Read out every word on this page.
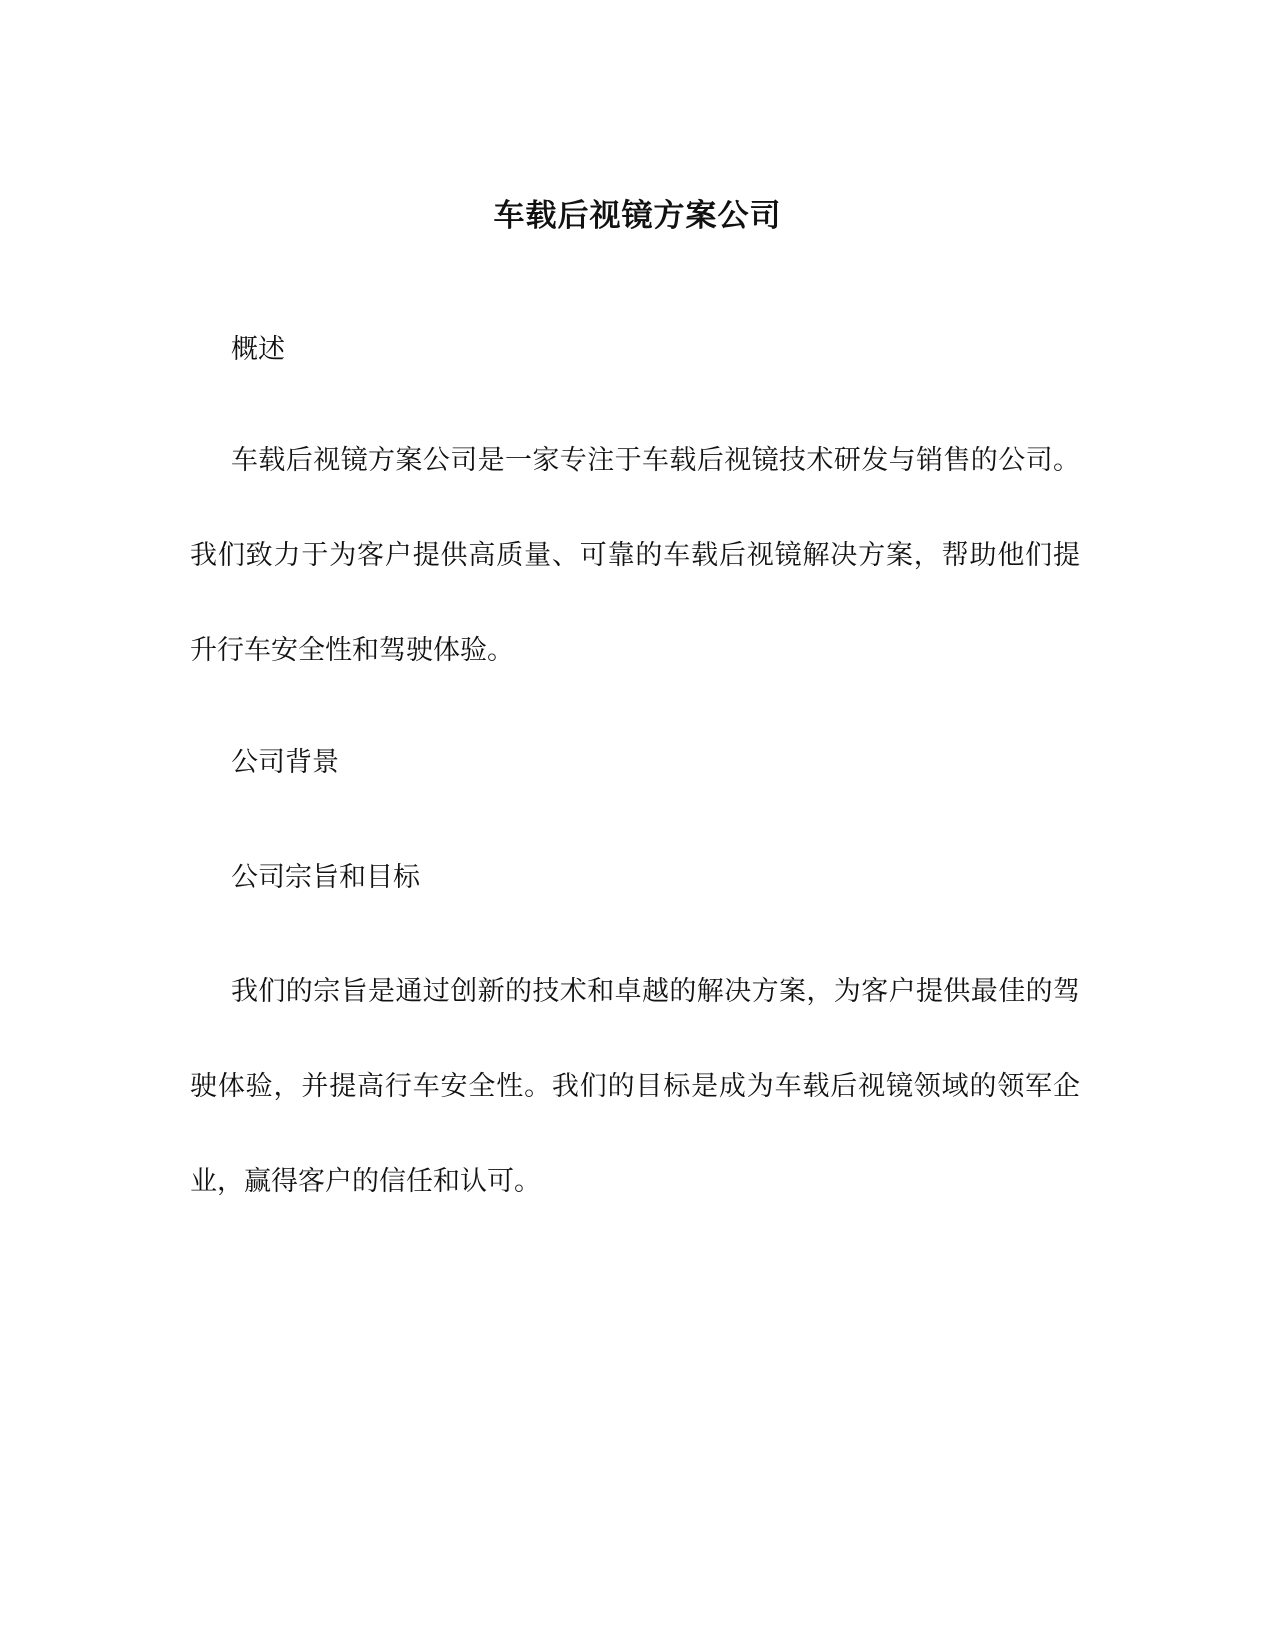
车载后视镜方案公司
概述
车载后视镜方案公司是一家专注于车载后视镜技术研发与销售的公司。我们致力于为客户提供高质量、可靠的车载后视镜解决方案，帮助他们提升行车安全性和驾驶体验。
公司背景
公司宗旨和目标
我们的宗旨是通过创新的技术和卓越的解决方案，为客户提供最佳的驾驶体验，并提高行车安全性。我们的目标是成为车载后视镜领域的领军企业，赢得客户的信任和认可。
